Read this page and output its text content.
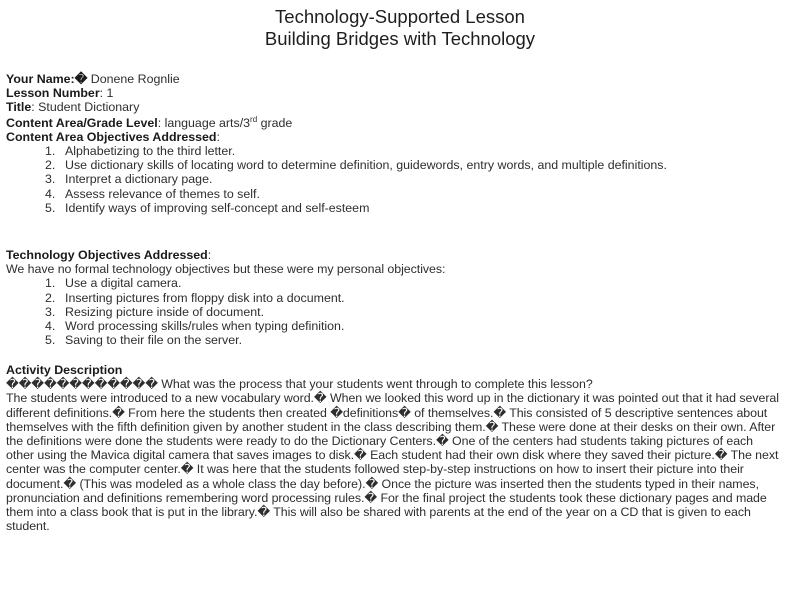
Technology-Supported Lesson
Building Bridges with Technology
Your Name:� Donene Rognlie
Lesson Number: 1
Title: Student Dictionary
Content Area/Grade Level: language arts/3rd grade
Content Area Objectives Addressed:
1. Alphabetizing to the third letter.
2. Use dictionary skills of locating word to determine definition, guidewords, entry words, and multiple definitions.
3. Interpret a dictionary page.
4. Assess relevance of themes to self.
5. Identify ways of improving self-concept and self-esteem
Technology Objectives Addressed:
We have no formal technology objectives but these were my personal objectives:
1. Use a digital camera.
2. Inserting pictures from floppy disk into a document.
3. Resizing picture inside of document.
4. Word processing skills/rules when typing definition.
5. Saving to their file on the server.
Activity Description
������������ What was the process that your students went through to complete this lesson?
The students were introduced to a new vocabulary word.� When we looked this word up in the dictionary it was pointed out that it had several
different definitions.� From here the students then created �definitions� of themselves.� This consisted of 5 descriptive sentences about
themselves with the fifth definition given by another student in the class describing them.� These were done at their desks on their own. After
the definitions were done the students were ready to do the Dictionary Centers.� One of the centers had students taking pictures of each
other using the Mavica digital camera that saves images to disk.� Each student had their own disk where they saved their picture.� The next
center was the computer center.� It was here that the students followed step-by-step instructions on how to insert their picture into their
document.� (This was modeled as a whole class the day before).� Once the picture was inserted then the students typed in their names,
pronunciation and definitions remembering word processing rules.� For the final project the students took these dictionary pages and made
them into a class book that is put in the library.� This will also be shared with parents at the end of the year on a CD that is given to each
student.
